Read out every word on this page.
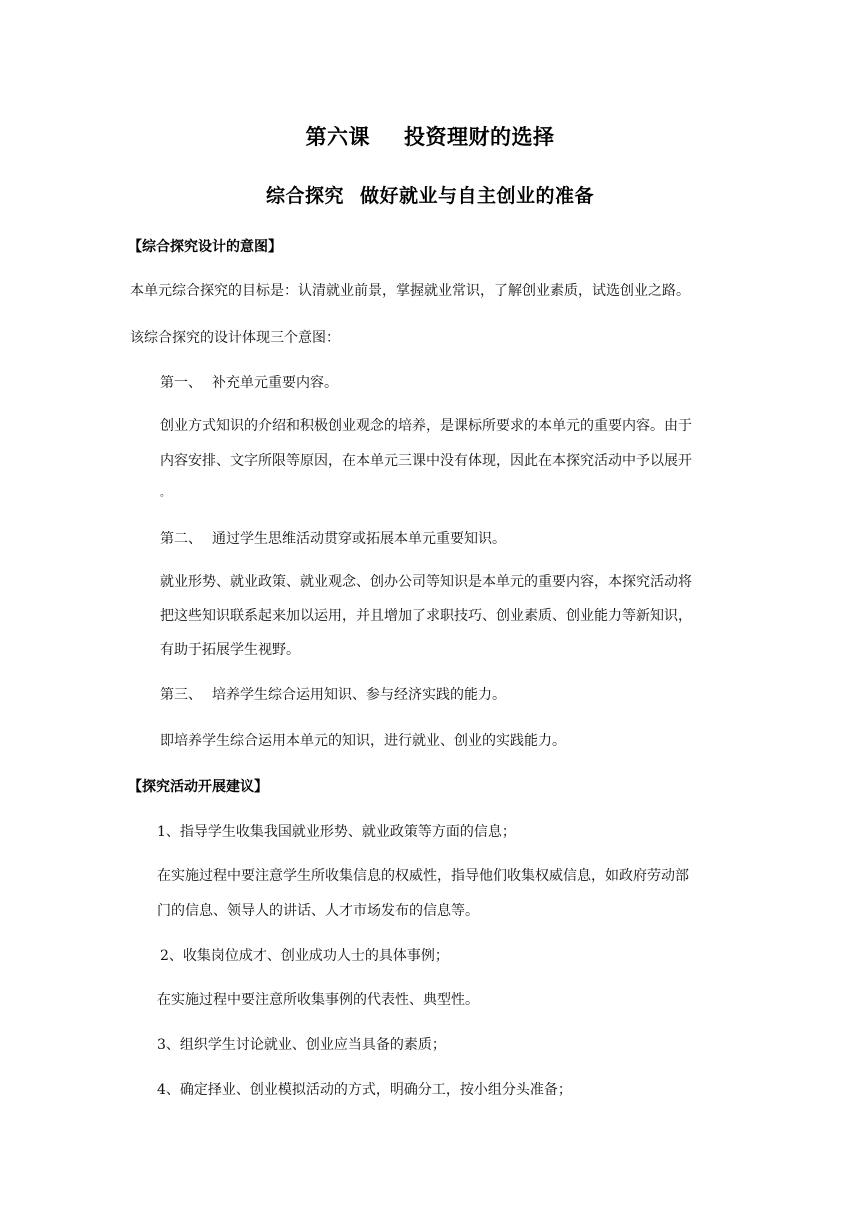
第六课 投资理财的选择
综合探究 做好就业与自主创业的准备
【综合探究设计的意图】
本单元综合探究的目标是：认清就业前景，掌握就业常识，了解创业素质，试选创业之路。
该综合探究的设计体现三个意图：
第一、 补充单元重要内容。
创业方式知识的介绍和积极创业观念的培养，是课标所要求的本单元的重要内容。由于
内容安排、文字所限等原因，在本单元三课中没有体现，因此在本探究活动中予以展开
。
第二、 通过学生思维活动贯穿或拓展本单元重要知识。
就业形势、就业政策、就业观念、创办公司等知识是本单元的重要内容，本探究活动将
把这些知识联系起来加以运用，并且增加了求职技巧、创业素质、创业能力等新知识，
有助于拓展学生视野。
第三、 培养学生综合运用知识、参与经济实践的能力。
即培养学生综合运用本单元的知识，进行就业、创业的实践能力。
【探究活动开展建议】
1、指导学生收集我国就业形势、就业政策等方面的信息；
在实施过程中要注意学生所收集信息的权威性，指导他们收集权威信息，如政府劳动部
门的信息、领导人的讲话、人才市场发布的信息等。
2、收集岗位成才、创业成功人士的具体事例；
在实施过程中要注意所收集事例的代表性、典型性。
3、组织学生讨论就业、创业应当具备的素质；
4、确定择业、创业模拟活动的方式，明确分工，按小组分头准备；
